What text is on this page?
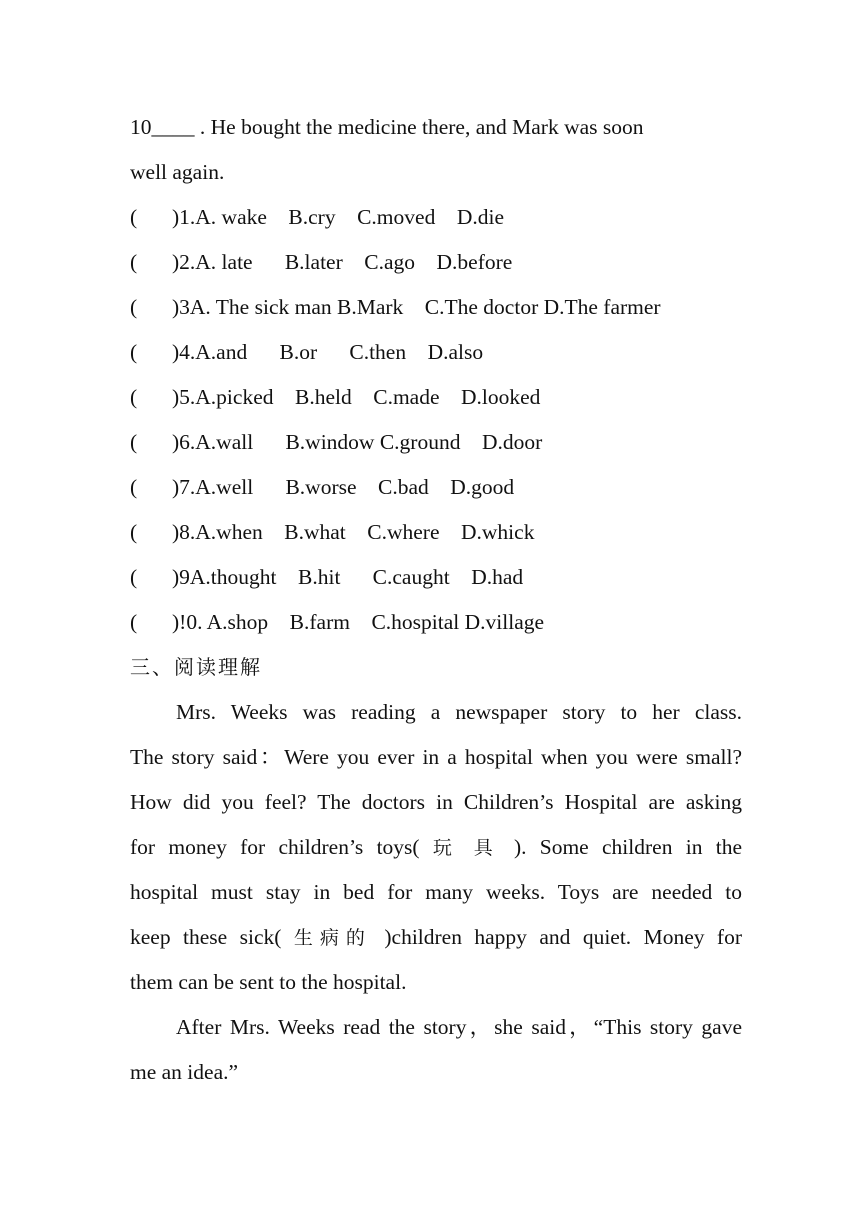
10____ . He bought the medicine there, and Mark was soon
well again.
( )1.A. wake    B.cry    C.moved    D.die
( )2.A. late      B.later    C.ago    D.before
( )3A. The sick man B.Mark    C.The doctor D.The farmer
( )4.A.and      B.or      C.then    D.also
( )5.A.picked    B.held    C.made    D.looked
( )6.A.wall      B.window C.ground    D.door
( )7.A.well      B.worse    C.bad    D.good
( )8.A.when    B.what    C.where    D.whick
( )9A.thought    B.hit      C.caught    D.had
( )!0. A.shop    B.farm    C.hospital D.village
三、阅读理解
Mrs. Weeks was reading a newspaper story to her class.
The story said：Were you ever in a hospital when you were small?
How did you feel? The doctors in Children’s Hospital are asking
for money for children’s toys( 玩 具 ). Some children in the
hospital must stay in bed for many weeks. Toys are needed to
keep these sick( 生病的 )children happy and quiet. Money for
them can be sent to the hospital.
After Mrs. Weeks read the story，she said，“This story gave
me an idea.”
